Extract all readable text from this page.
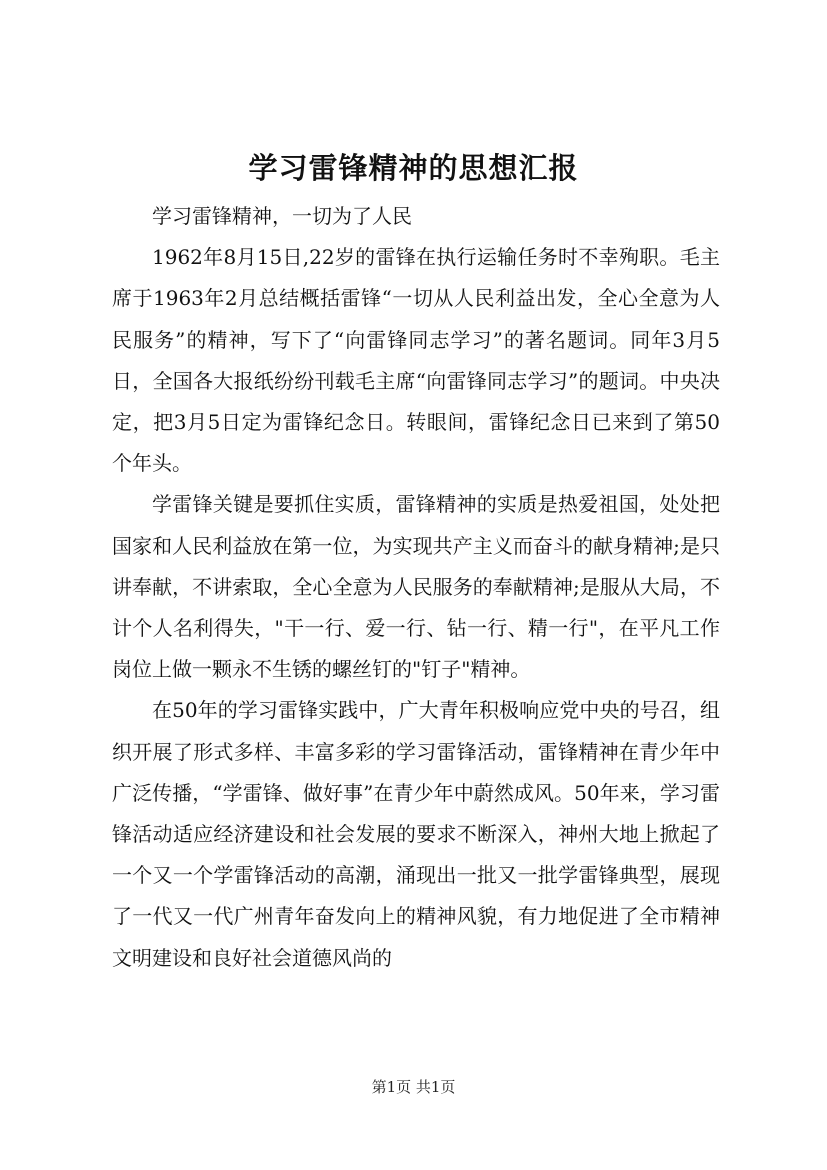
学习雷锋精神的思想汇报

学习雷锋精神，一切为了人民

1962年8月15日,22岁的雷锋在执行运输任务时不幸殉职。毛主席于1963年2月总结概括雷锋“一切从人民利益出发，全心全意为人民服务”的精神，写下了“向雷锋同志学习”的著名题词。同年3月5日，全国各大报纸纷纷刊载毛主席“向雷锋同志学习”的题词。中央决定，把3月5日定为雷锋纪念日。转眼间，雷锋纪念日已来到了第50个年头。

学雷锋关键是要抓住实质，雷锋精神的实质是热爱祖国，处处把国家和人民利益放在第一位，为实现共产主义而奋斗的献身精神;是只讲奉献，不讲索取，全心全意为人民服务的奉献精神;是服从大局，不计个人名利得失，"干一行、爱一行、钻一行、精一行"，在平凡工作岗位上做一颗永不生锈的螺丝钉的"钉子"精神。

在50年的学习雷锋实践中，广大青年积极响应党中央的号召，组织开展了形式多样、丰富多彩的学习雷锋活动，雷锋精神在青少年中广泛传播，“学雷锋、做好事”在青少年中蔚然成风。50年来，学习雷锋活动适应经济建设和社会发展的要求不断深入，神州大地上掀起了一个又一个学雷锋活动的高潮，涌现出一批又一批学雷锋典型，展现了一代又一代广州青年奋发向上的精神风貌，有力地促进了全市精神文明建设和良好社会道德风尚的

第1页 共1页
